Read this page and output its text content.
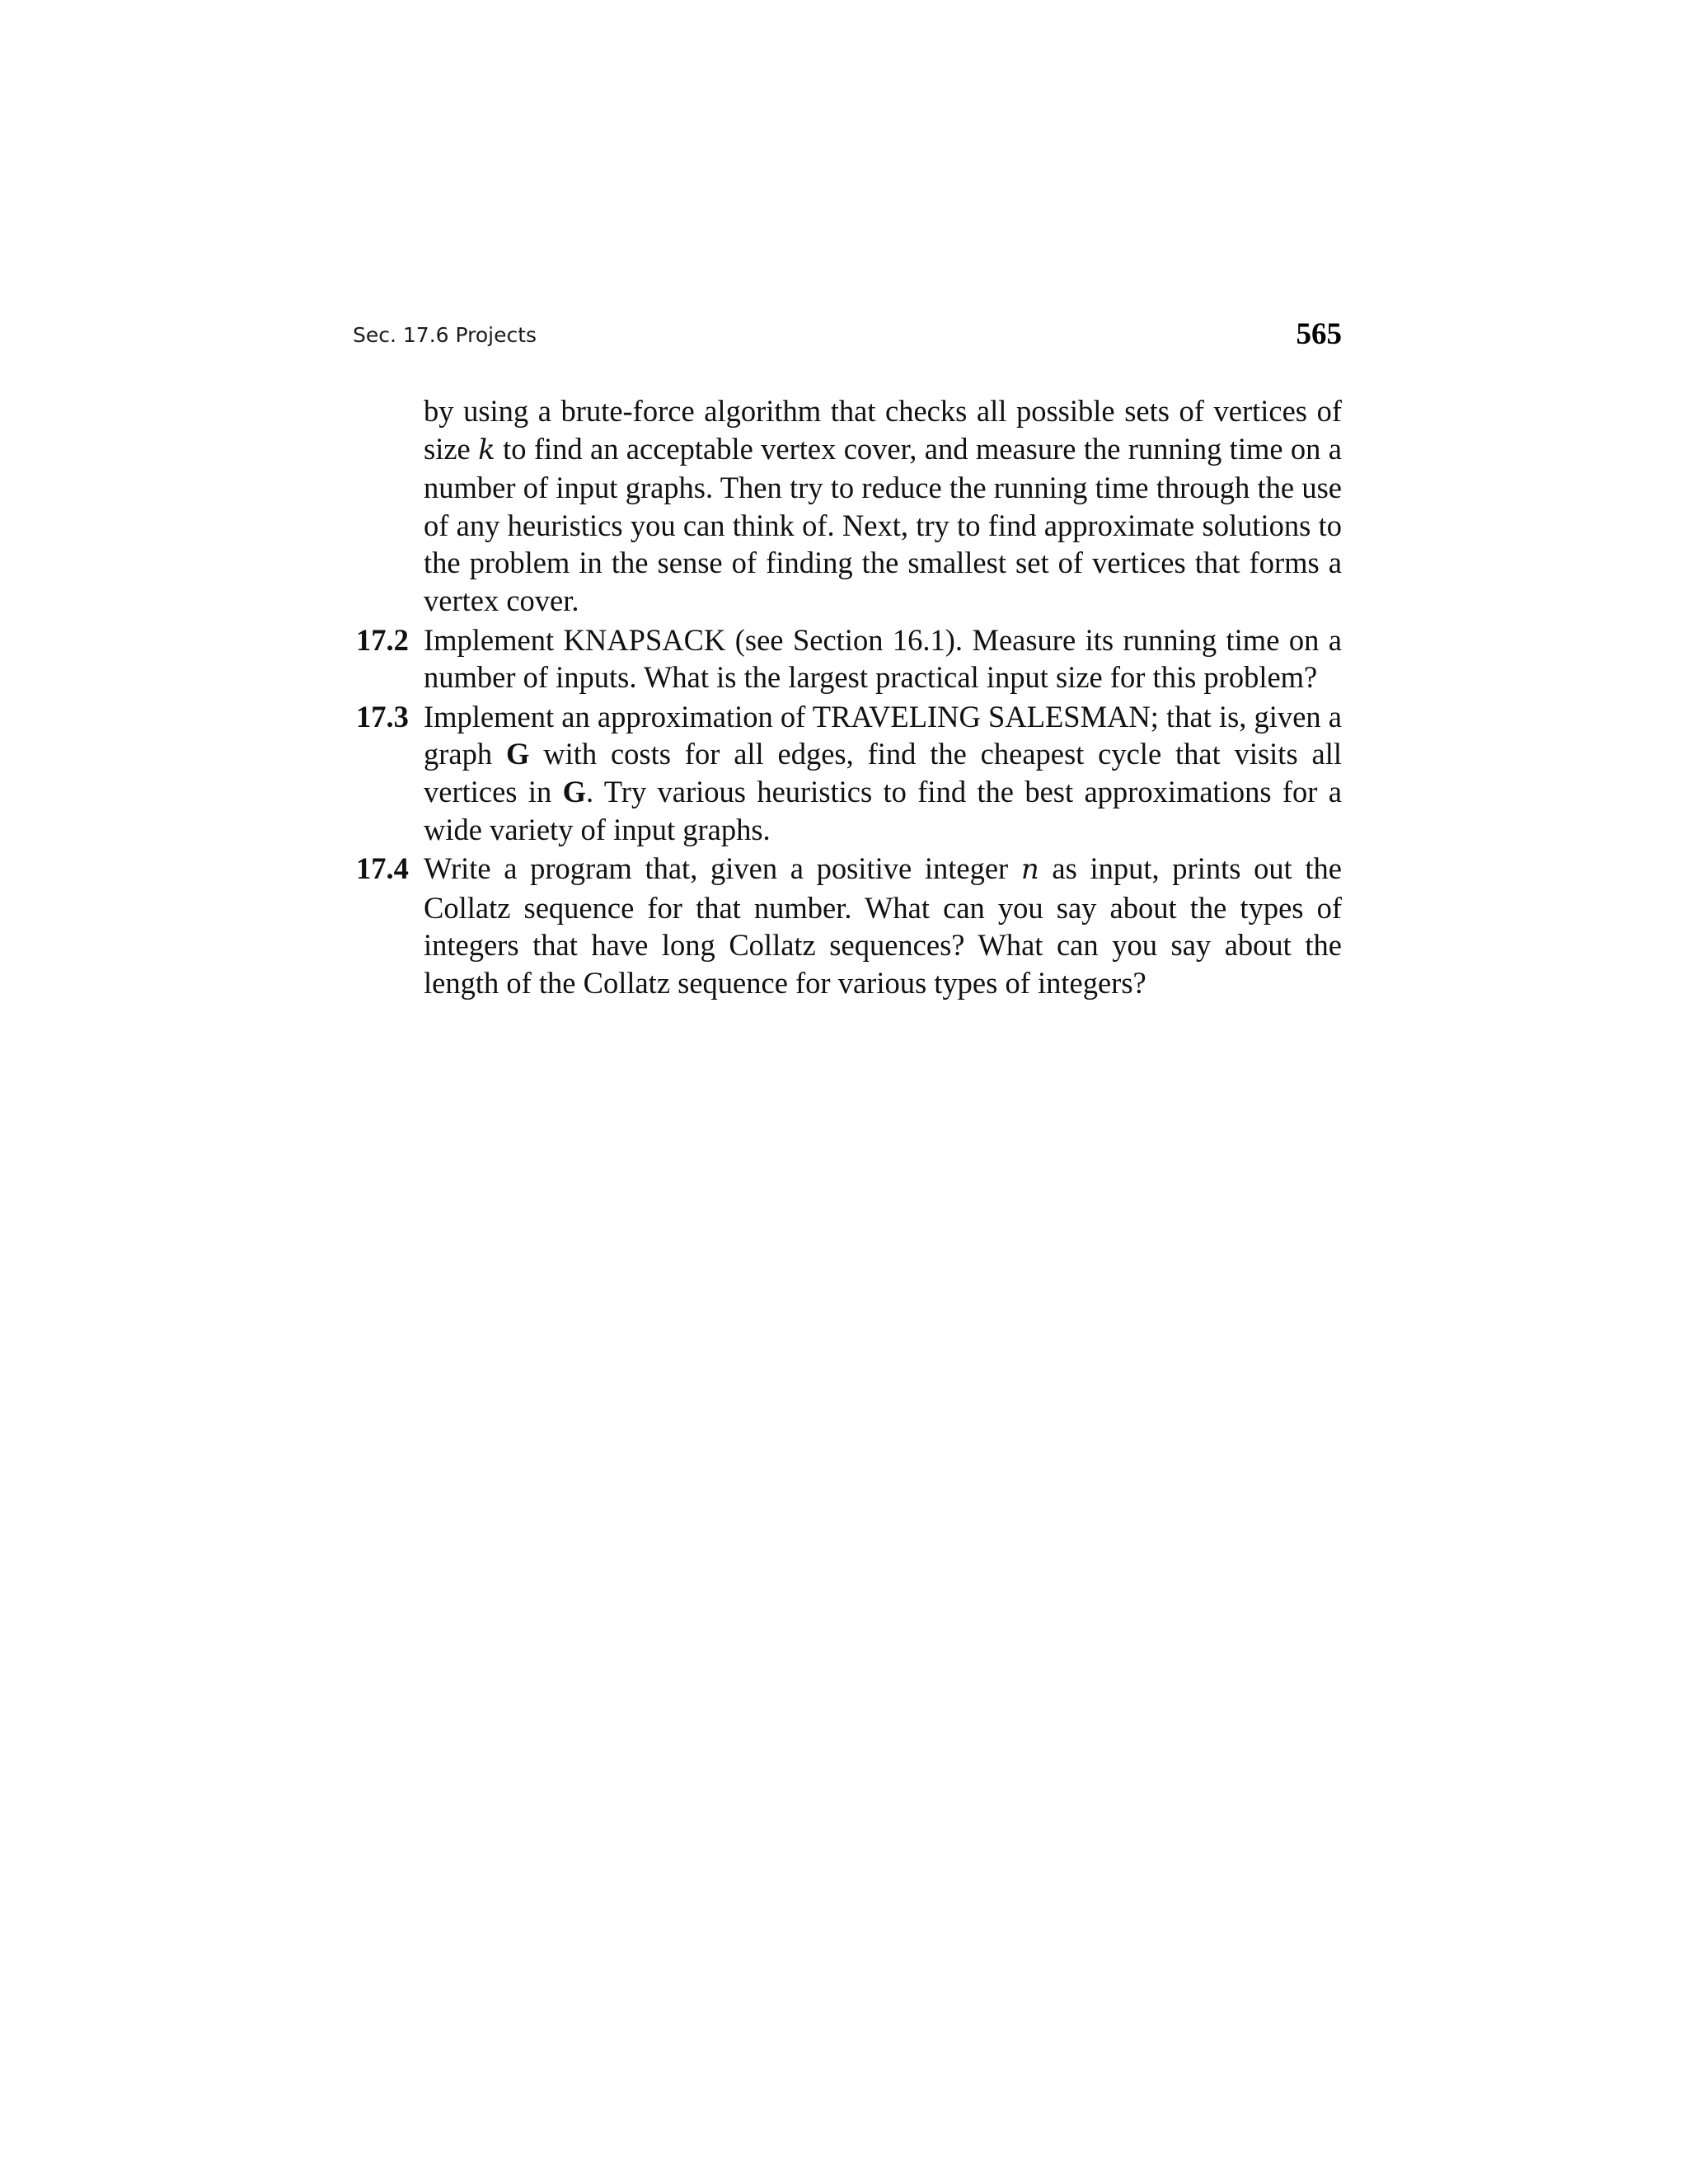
Sec. 17.6 Projects	565

by using a brute-force algorithm that checks all possible sets of vertices of size k to find an acceptable vertex cover, and measure the running time on a number of input graphs. Then try to reduce the running time through the use of any heuristics you can think of. Next, try to find approximate solutions to the problem in the sense of finding the smallest set of vertices that forms a vertex cover.

17.2 Implement KNAPSACK (see Section 16.1). Measure its running time on a number of inputs. What is the largest practical input size for this problem?

17.3 Implement an approximation of TRAVELING SALESMAN; that is, given a graph G with costs for all edges, find the cheapest cycle that visits all vertices in G. Try various heuristics to find the best approximations for a wide variety of input graphs.

17.4 Write a program that, given a positive integer n as input, prints out the Collatz sequence for that number. What can you say about the types of integers that have long Collatz sequences? What can you say about the length of the Collatz sequence for various types of integers?
